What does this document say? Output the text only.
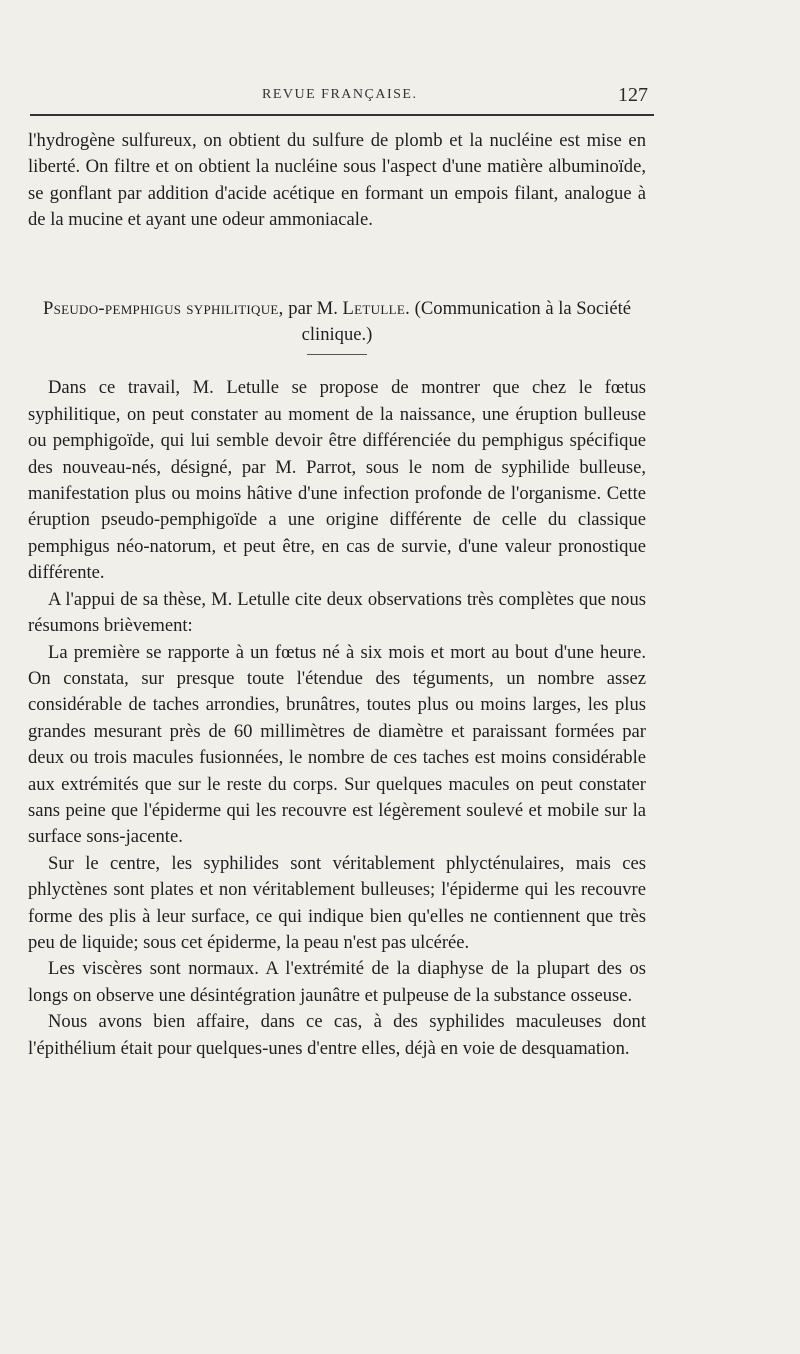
REVUE FRANÇAISE.	127

l'hydrogène sulfureux, on obtient du sulfure de plomb et la nucléine est mise en liberté. On filtre et on obtient la nucléine sous l'aspect d'une matière albuminoïde, se gonflant par addition d'acide acétique en formant un empois filant, analogue à de la mucine et ayant une odeur ammoniacale.

Pseudo-pemphigus syphilitique, par M. Letulle. (Communication à la Société clinique.)

Dans ce travail, M. Letulle se propose de montrer que chez le fœtus syphilitique, on peut constater au moment de la naissance, une éruption bulleuse ou pemphigoïde, qui lui semble devoir être différenciée du pemphigus spécifique des nouveau-nés, désigné, par M. Parrot, sous le nom de syphilide bulleuse, manifestation plus ou moins hâtive d'une infection profonde de l'organisme. Cette éruption pseudo-pemphigoïde a une origine différente de celle du classique pemphigus néo-natorum, et peut être, en cas de survie, d'une valeur pronostique différente.

A l'appui de sa thèse, M. Letulle cite deux observations très complètes que nous résumons brièvement:

La première se rapporte à un fœtus né à six mois et mort au bout d'une heure. On constata, sur presque toute l'étendue des téguments, un nombre assez considérable de taches arrondies, brunâtres, toutes plus ou moins larges, les plus grandes mesurant près de 60 millimètres de diamètre et paraissant formées par deux ou trois macules fusionnées, le nombre de ces taches est moins considérable aux extrémités que sur le reste du corps. Sur quelques macules on peut constater sans peine que l'épiderme qui les recouvre est légèrement soulevé et mobile sur la surface sons-jacente.

Sur le centre, les syphilides sont véritablement phlycténulaires, mais ces phlyctènes sont plates et non véritablement bulleuses; l'épiderme qui les recouvre forme des plis à leur surface, ce qui indique bien qu'elles ne contiennent que très peu de liquide; sous cet épiderme, la peau n'est pas ulcérée.

Les viscères sont normaux. A l'extrémité de la diaphyse de la plupart des os longs on observe une désintégration jaunâtre et pulpeuse de la substance osseuse.

Nous avons bien affaire, dans ce cas, à des syphilides maculeuses dont l'épithélium était pour quelques-unes d'entre elles, déjà en voie de desquamation.
